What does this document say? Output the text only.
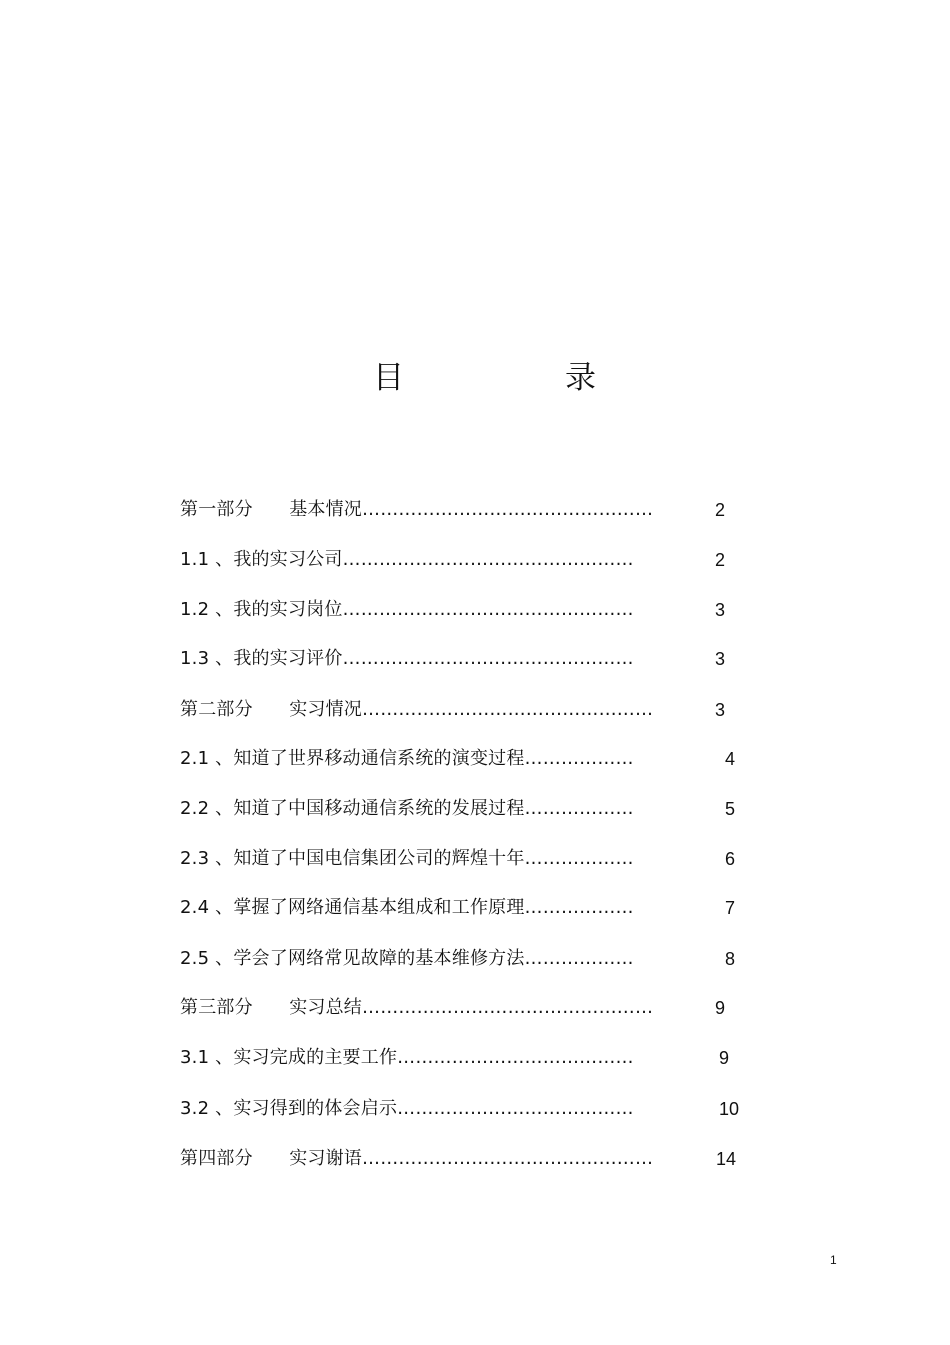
目	录
第一部分　　基本情况…………………………………………	2
1.1 、我的实习公司…………………………………………	2
1.2 、我的实习岗位…………………………………………	3
1.3 、我的实习评价…………………………………………	3
第二部分　　实习情况…………………………………………	3
2.1 、知道了世界移动通信系统的演变过程………………	4
2.2 、知道了中国移动通信系统的发展过程………………	5
2.3 、知道了中国电信集团公司的辉煌十年………………	6
2.4 、掌握了网络通信基本组成和工作原理………………	7
2.5 、学会了网络常见故障的基本维修方法………………	8
第三部分　　实习总结…………………………………………	9
3.1 、实习完成的主要工作…………………………………	9
3.2 、实习得到的体会启示…………………………………	10
第四部分　　实习谢语…………………………………………	14
1
